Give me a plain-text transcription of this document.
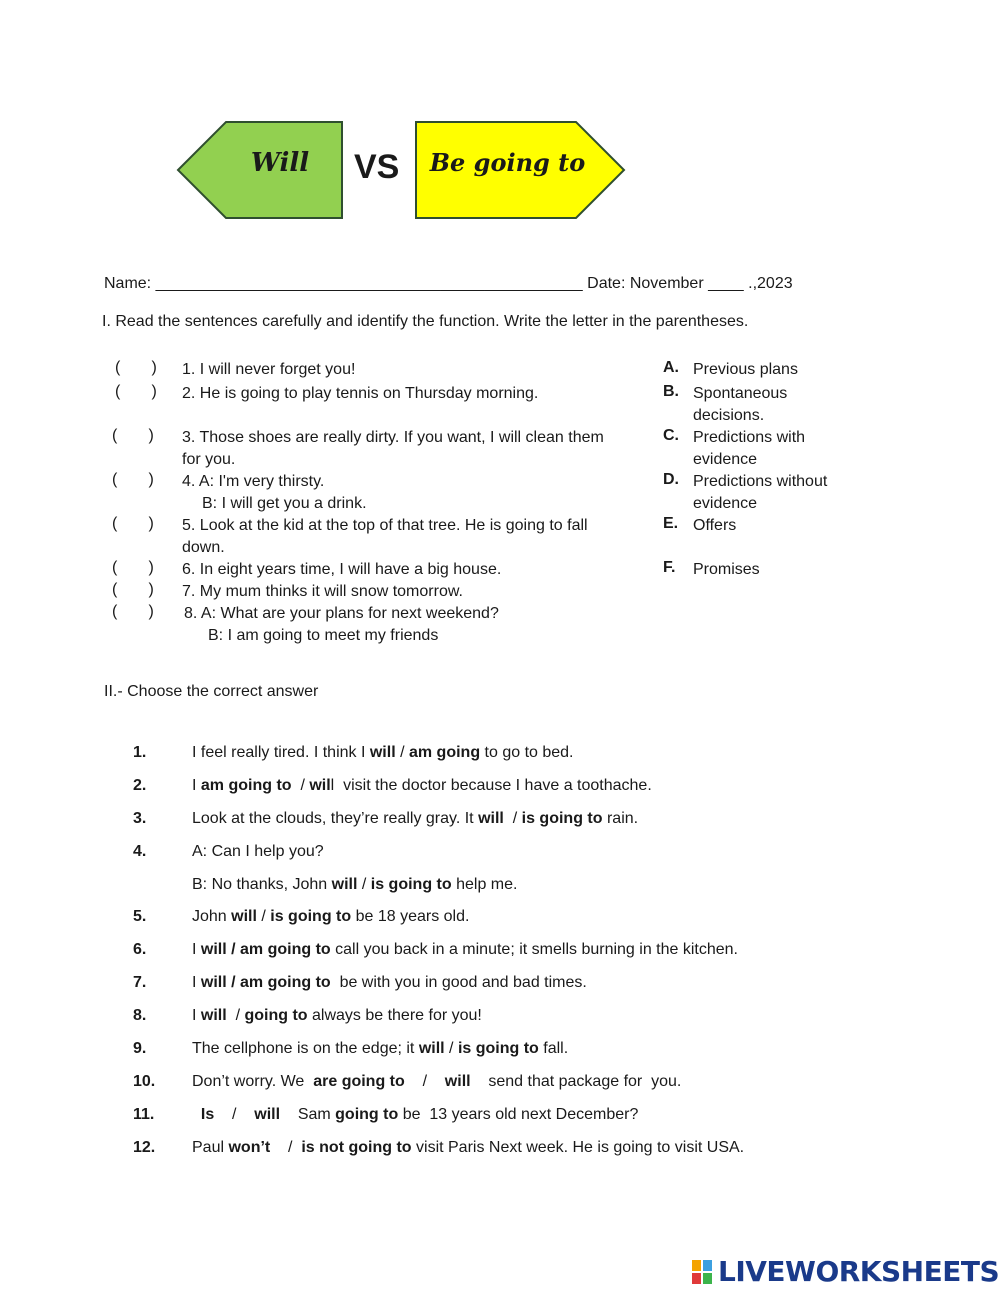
Will	VS	Be going to
Name: ________________________________________________ Date: November ____ .,2023
I. Read the sentences carefully and identify the function. Write the letter in the parentheses.
(       ) 1. I will never forget you!
(       ) 2. He is going to play tennis on Thursday morning.
(       ) 3. Those shoes are really dirty. If you want, I will clean them for you.
(       ) 4. A: I'm very thirsty.
B: I will get you a drink.
(       ) 5. Look at the kid at the top of that tree. He is going to fall down.
(       ) 6. In eight years time, I will have a big house.
(       ) 7. My mum thinks it will snow tomorrow.
(       ) 8. A: What are your plans for next weekend?
B: I am going to meet my friends
A. Previous plans
B. Spontaneous decisions.
C. Predictions with evidence
D. Predictions without evidence
E. Offers
F. Promises
II.- Choose the correct answer
1.	I feel really tired. I think I will / am going to go to bed.
2.	I am going to  / will  visit the doctor because I have a toothache.
3.	Look at the clouds, they’re really gray. It will  / is going to rain.
4.	A: Can I help you?
B: No thanks, John will / is going to help me.
5.	John will / is going to be 18 years old.
6.	I will / am going to call you back in a minute; it smells burning in the kitchen.
7.	I will / am going to  be with you in good and bad times.
8.	I will  / going to always be there for you!
9.	The cellphone is on the edge; it will / is going to fall.
10. Don’t worry. We  are going to    /    will    send that package for  you.
11.	Is    /    will    Sam going to be  13 years old next December?
12. Paul won’t    /  is not going to visit Paris Next week. He is going to visit USA.
LIVEWORKSHEETS
